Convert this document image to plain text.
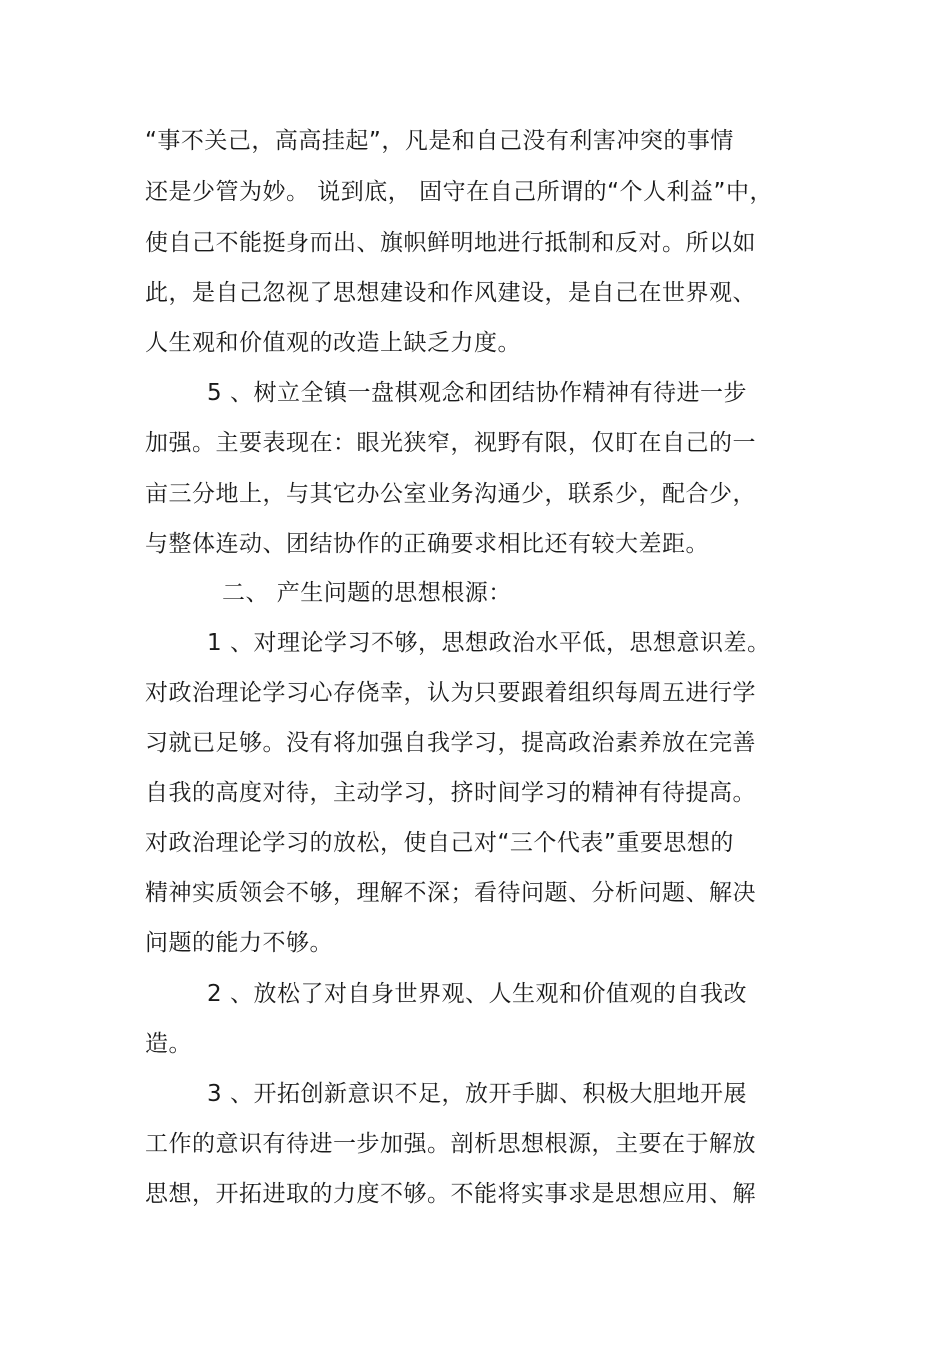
“事不关己，高高挂起”，凡是和自己没有利害冲突的事情
还是少管为妙。 说到底， 固守在自己所谓的“个人利益”中，
使自己不能挺身而出、旗帜鲜明地进行抵制和反对。所以如
此，是自己忽视了思想建设和作风建设，是自己在世界观、
人生观和价值观的改造上缺乏力度。
5 、树立全镇一盘棋观念和团结协作精神有待进一步
加强。主要表现在：眼光狭窄，视野有限，仅盯在自己的一
亩三分地上，与其它办公室业务沟通少，联系少，配合少，
与整体连动、团结协作的正确要求相比还有较大差距。
二、 产生问题的思想根源：
1 、对理论学习不够，思想政治水平低，思想意识差。
对政治理论学习心存侥幸，认为只要跟着组织每周五进行学
习就已足够。没有将加强自我学习，提高政治素养放在完善
自我的高度对待，主动学习，挤时间学习的精神有待提高。
对政治理论学习的放松，使自己对“三个代表”重要思想的
精神实质领会不够，理解不深；看待问题、分析问题、解决
问题的能力不够。
2 、放松了对自身世界观、人生观和价值观的自我改
造。
3 、开拓创新意识不足，放开手脚、积极大胆地开展
工作的意识有待进一步加强。剖析思想根源，主要在于解放
思想，开拓进取的力度不够。不能将实事求是思想应用、解
